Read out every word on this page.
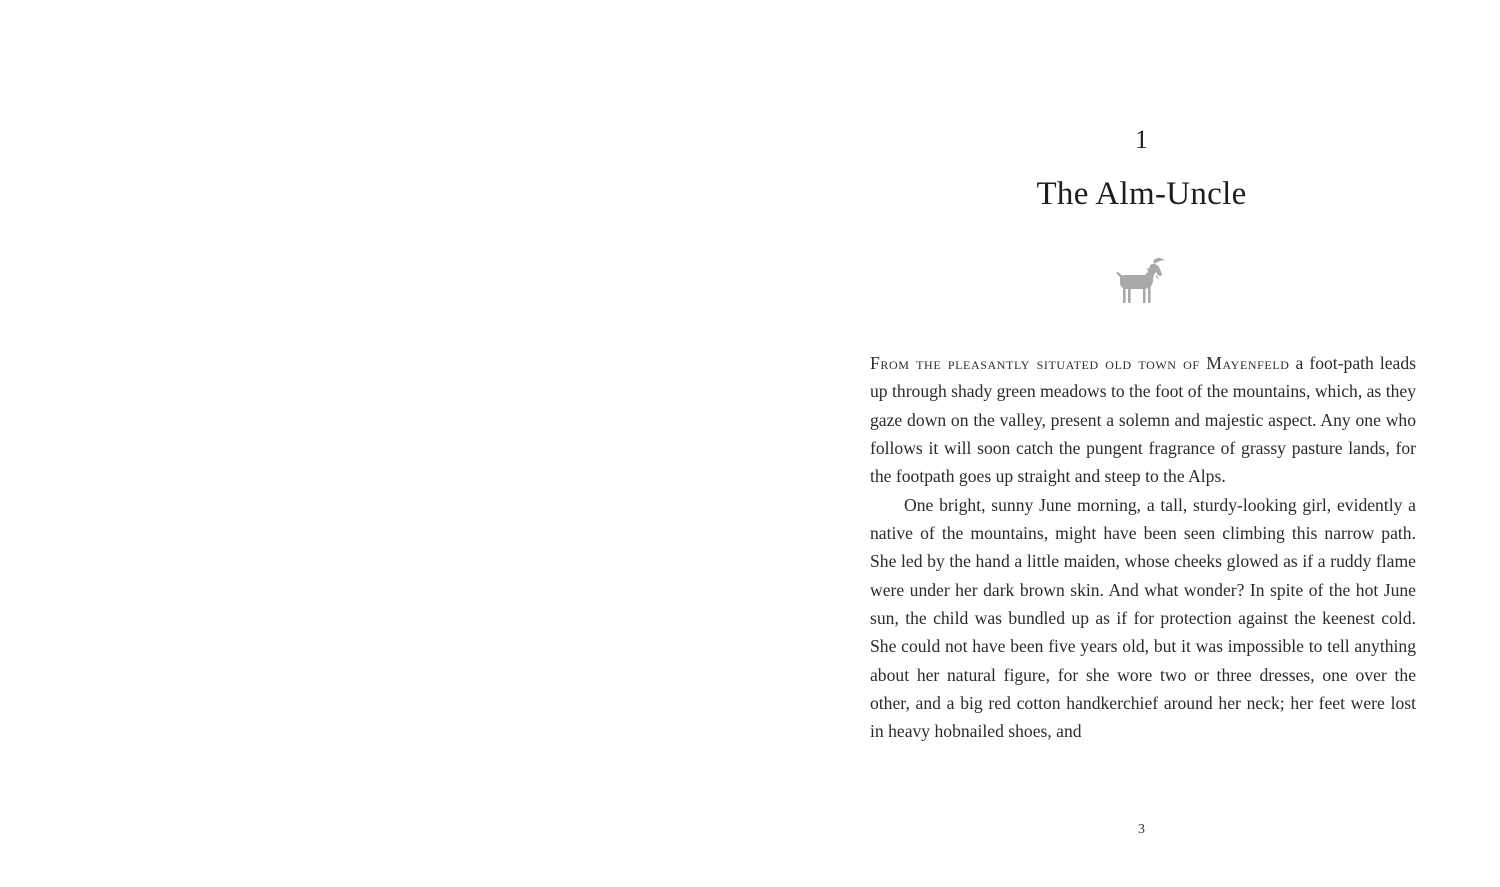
1
The Alm-Uncle

From the pleasantly situated old town of Mayenfeld a foot-path leads up through shady green meadows to the foot of the mountains, which, as they gaze down on the valley, present a solemn and majestic aspect. Any one who follows it will soon catch the pungent fragrance of grassy pasture lands, for the footpath goes up straight and steep to the Alps.

One bright, sunny June morning, a tall, sturdy-looking girl, evidently a native of the mountains, might have been seen climbing this narrow path. She led by the hand a little maiden, whose cheeks glowed as if a ruddy flame were under her dark brown skin. And what wonder? In spite of the hot June sun, the child was bundled up as if for protection against the keenest cold. She could not have been five years old, but it was impossible to tell anything about her natural figure, for she wore two or three dresses, one over the other, and a big red cotton handkerchief around her neck; her feet were lost in heavy hobnailed shoes, and

3
